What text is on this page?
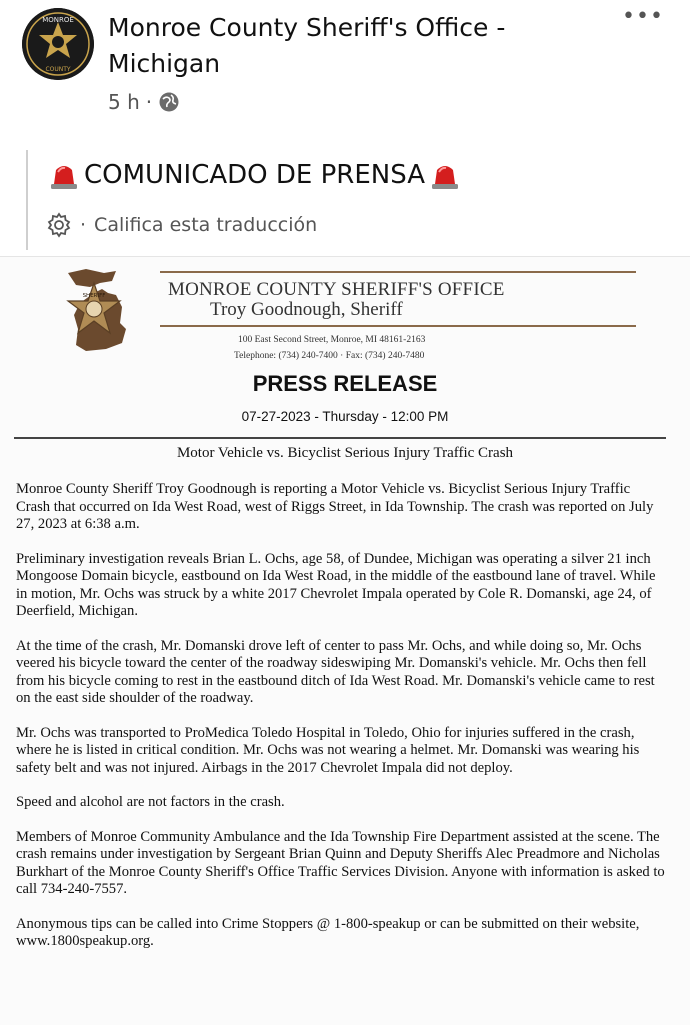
MONROE
COUNTY
Monroe County Sheriff's Office - Michigan
•••
5 h ·
COMUNICADO DE PRENSA
· Califica esta traducción
MONROE COUNTY SHERIFF'S OFFICE
Troy Goodnough, Sheriff
100 East Second Street, Monroe, MI 48161-2163
Telephone: (734) 240-7400 · Fax: (734) 240-7480
SHERIFF
PRESS RELEASE
07-27-2023 - Thursday - 12:00 PM
Motor Vehicle vs. Bicyclist Serious Injury Traffic Crash

Monroe County Sheriff Troy Goodnough is reporting a Motor Vehicle vs. Bicyclist Serious Injury Traffic Crash that occurred on Ida West Road, west of Riggs Street, in Ida Township. The crash was reported on July 27, 2023 at 6:38 a.m.

Preliminary investigation reveals Brian L. Ochs, age 58, of Dundee, Michigan was operating a silver 21 inch Mongoose Domain bicycle, eastbound on Ida West Road, in the middle of the eastbound lane of travel. While in motion, Mr. Ochs was struck by a white 2017 Chevrolet Impala operated by Cole R. Domanski, age 24, of Deerfield, Michigan.

At the time of the crash, Mr. Domanski drove left of center to pass Mr. Ochs, and while doing so, Mr. Ochs veered his bicycle toward the center of the roadway sideswiping Mr. Domanski's vehicle. Mr. Ochs then fell from his bicycle coming to rest in the eastbound ditch of Ida West Road. Mr. Domanski's vehicle came to rest on the east side shoulder of the roadway.

Mr. Ochs was transported to ProMedica Toledo Hospital in Toledo, Ohio for injuries suffered in the crash, where he is listed in critical condition. Mr. Ochs was not wearing a helmet. Mr. Domanski was wearing his safety belt and was not injured. Airbags in the 2017 Chevrolet Impala did not deploy.

Speed and alcohol are not factors in the crash.

Members of Monroe Community Ambulance and the Ida Township Fire Department assisted at the scene. The crash remains under investigation by Sergeant Brian Quinn and Deputy Sheriffs Alec Preadmore and Nicholas Burkhart of the Monroe County Sheriff's Office Traffic Services Division. Anyone with information is asked to call 734-240-7557.

Anonymous tips can be called into Crime Stoppers @ 1-800-speakup or can be submitted on their website, www.1800speakup.org.
